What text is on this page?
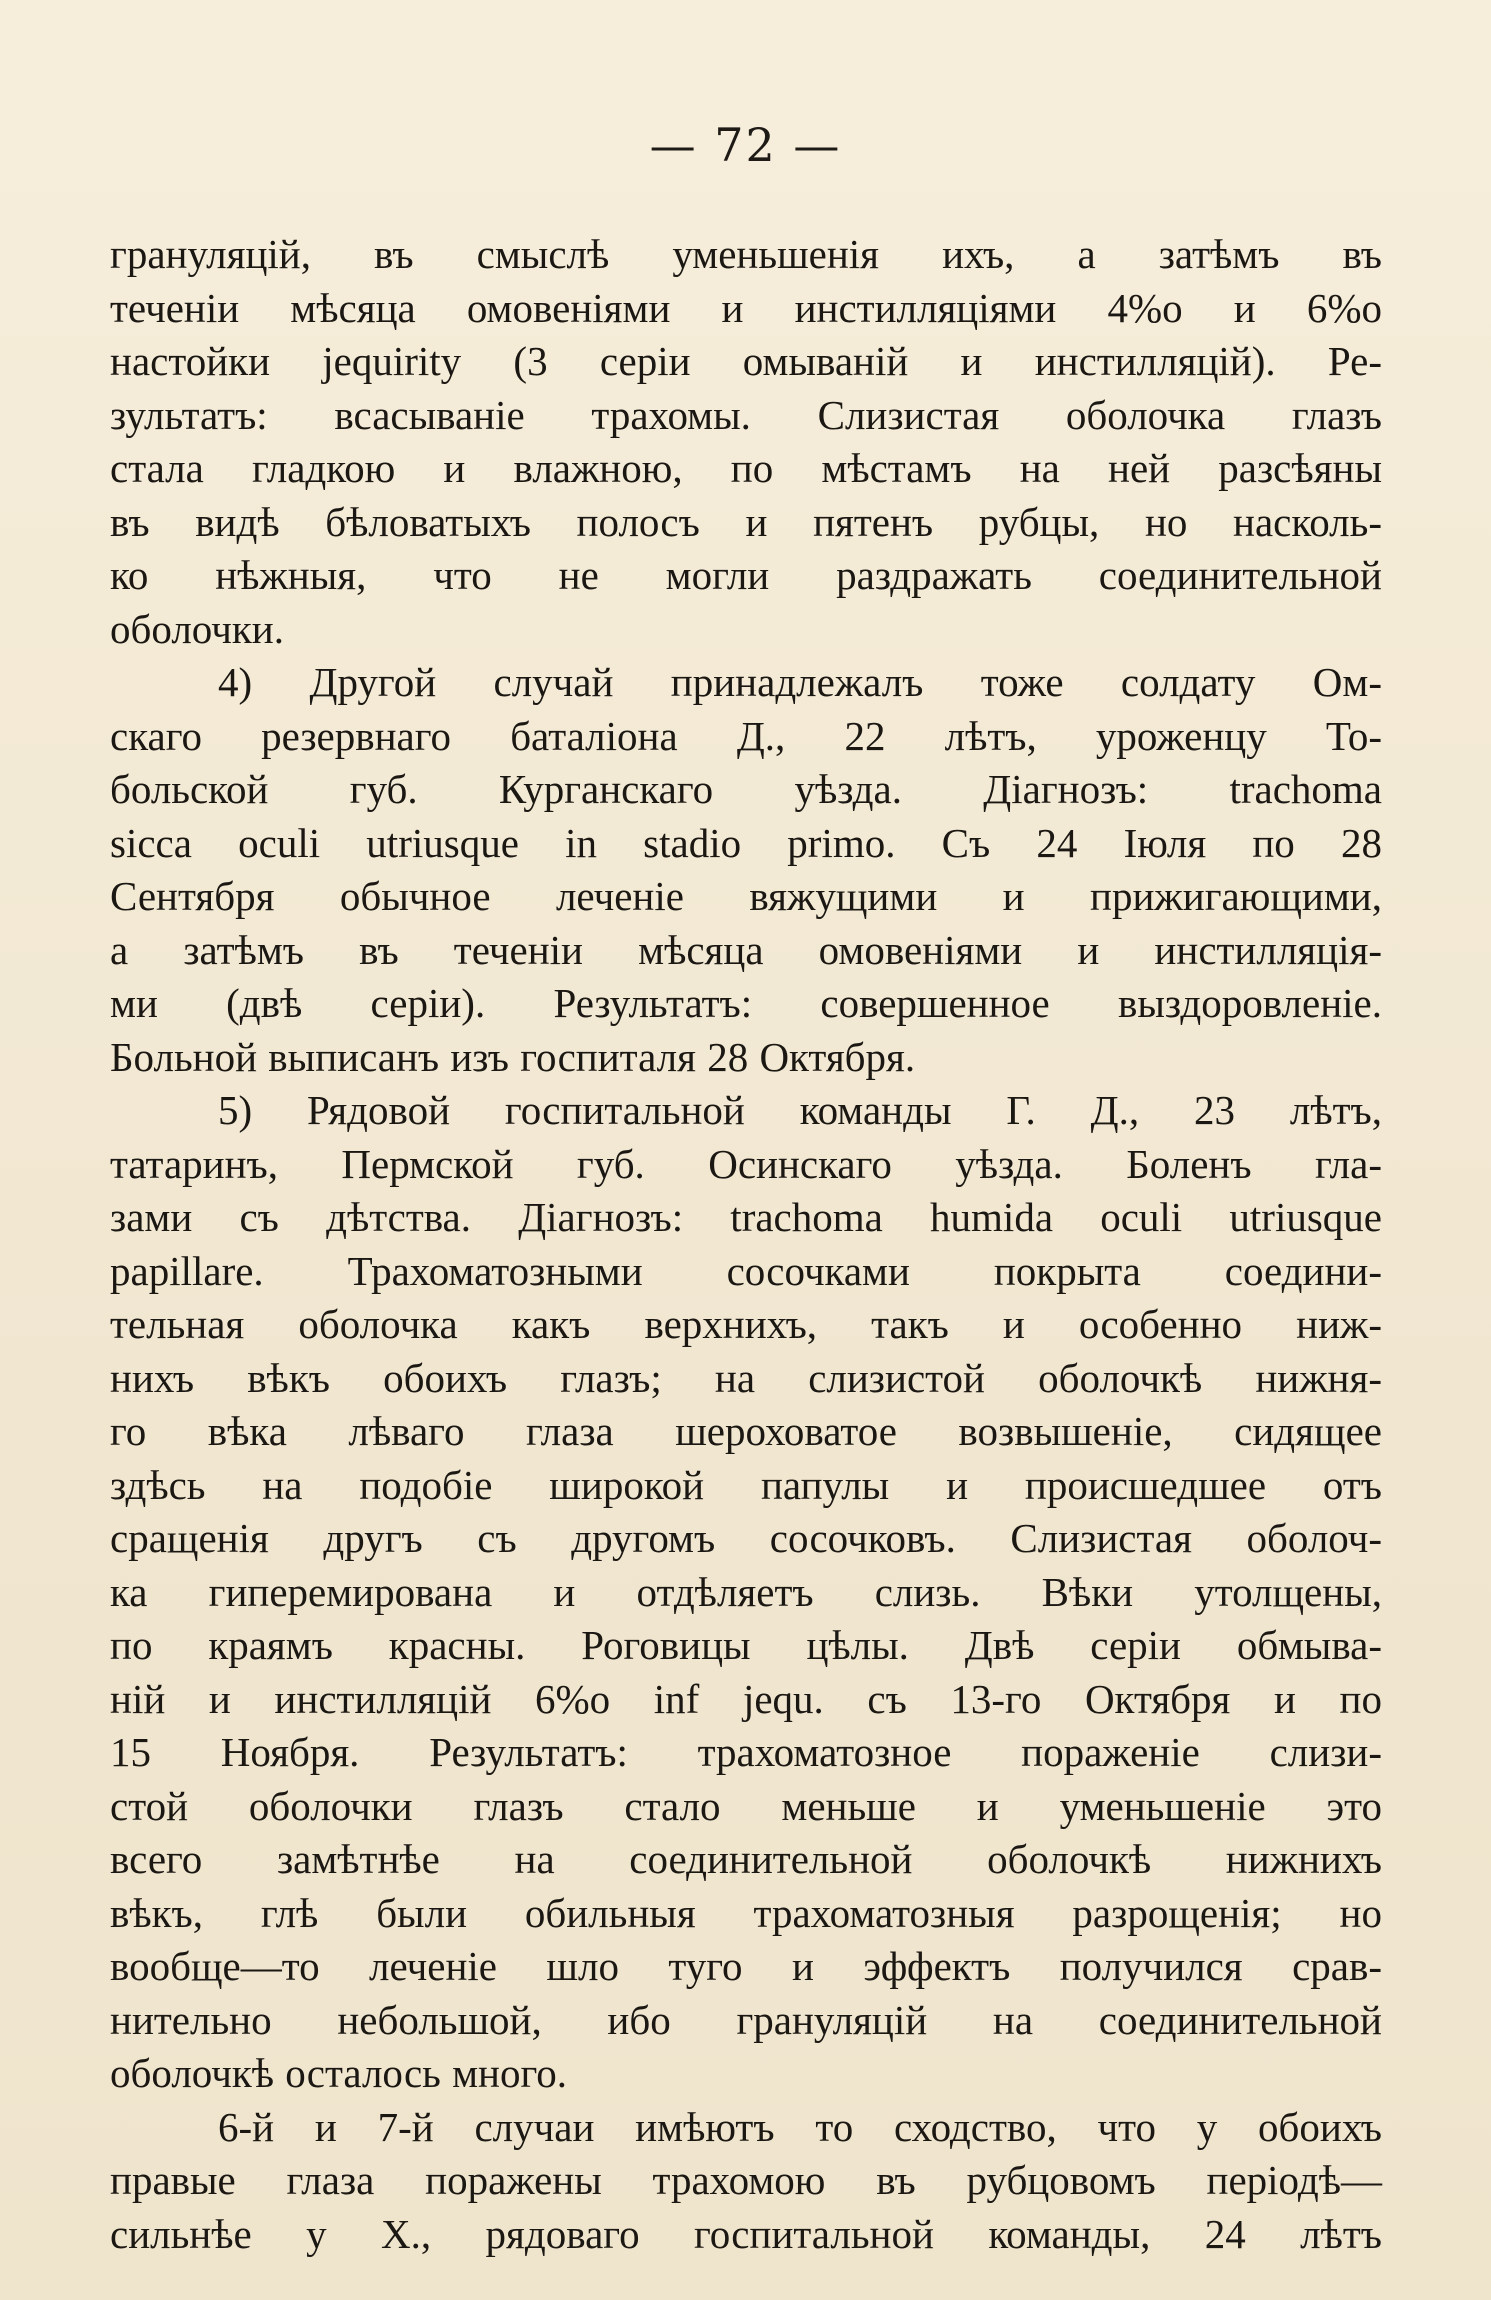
— 72 —
грануляцій, въ смыслѣ уменьшенія ихъ, а затѣмъ въ
теченіи мѣсяца омовеніями и инстилляціями 4%о и 6%о
настойки jequirity (3 серіи омываній и инстилляцій). Ре-
зультатъ: всасываніе трахомы. Слизистая оболочка глазъ
стала гладкою и влажною, по мѣстамъ на ней разсѣяны
въ видѣ бѣловатыхъ полосъ и пятенъ рубцы, но насколь-
ко нѣжныя, что не могли раздражать соединительной
оболочки.
4) Другой случай принадлежалъ тоже солдату Ом-
скаго резервнаго баталіона Д., 22 лѣтъ, уроженцу То-
больской губ. Курганскаго уѣзда. Діагнозъ: trachoma
sicca oculi utriusque in stadio primo. Съ 24 Іюля по 28
Сентября обычное леченіе вяжущими и прижигающими,
а затѣмъ въ теченіи мѣсяца омовеніями и инстилляція-
ми (двѣ серіи). Результатъ: совершенное выздоровленіе.
Больной выписанъ изъ госпиталя 28 Октября.
5) Рядовой госпитальной команды Г. Д., 23 лѣтъ,
татаринъ, Пермской губ. Осинскаго уѣзда. Боленъ гла-
зами съ дѣтства. Діагнозъ: trachoma humida oculi utriusque
papillare. Трахоматозными сосочками покрыта соедини-
тельная оболочка какъ верхнихъ, такъ и особенно ниж-
нихъ вѣкъ обоихъ глазъ; на слизистой оболочкѣ нижня-
го вѣка лѣваго глаза шероховатое возвышеніе, сидящее
здѣсь на подобіе широкой папулы и происшедшее отъ
сращенія другъ съ другомъ сосочковъ. Слизистая оболоч-
ка гиперемирована и отдѣляетъ слизь. Вѣки утолщены,
по краямъ красны. Роговицы цѣлы. Двѣ серіи обмыва-
ній и инстилляцій 6%о inf jequ. съ 13-го Октября и по
15 Ноября. Результатъ: трахоматозное пораженіе слизи-
стой оболочки глазъ стало меньше и уменьшеніе это
всего замѣтнѣе на соединительной оболочкѣ нижнихъ
вѣкъ, глѣ были обильныя трахоматозныя разрощенія; но
вообще—то леченіе шло туго и эффектъ получился срав-
нительно небольшой, ибо грануляцій на соединительной
оболочкѣ осталось много.
6-й и 7-й случаи имѣютъ то сходство, что у обоихъ
правые глаза поражены трахомою въ рубцовомъ періодѣ—
сильнѣе у Х., рядоваго госпитальной команды, 24 лѣтъ
